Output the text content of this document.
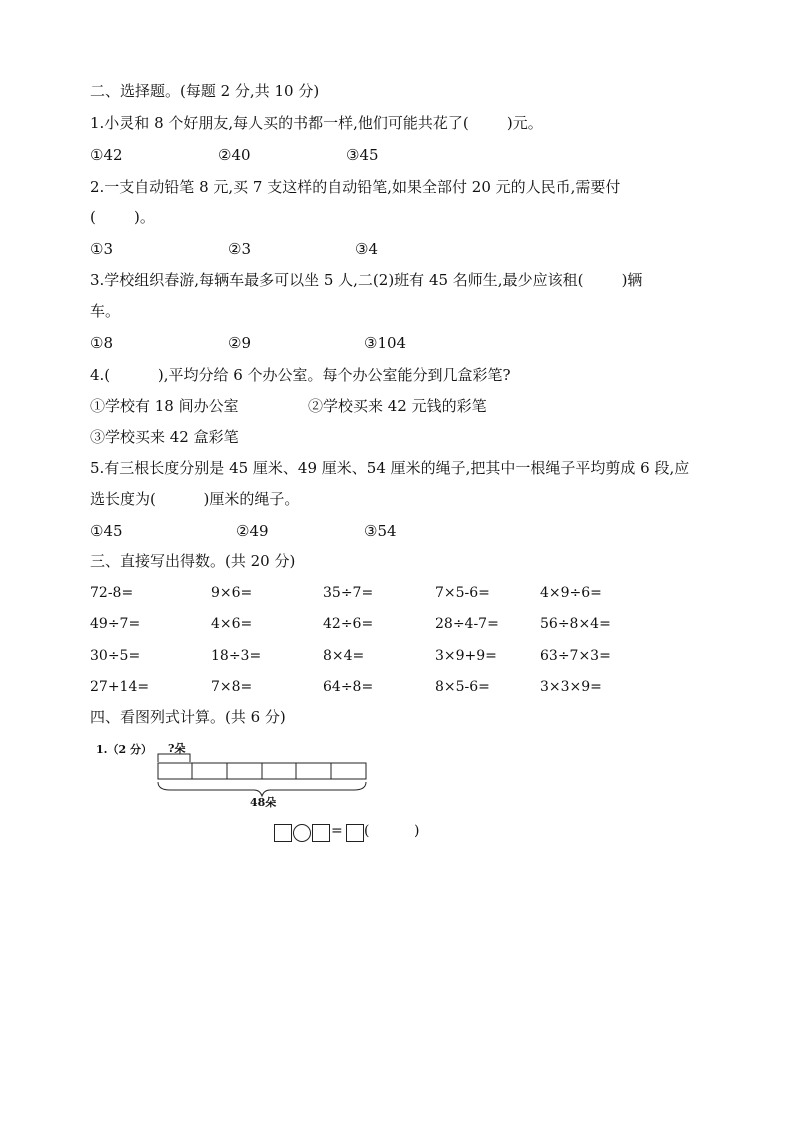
二、选择题。(每题 2 分,共 10 分)
1.小灵和 8 个好朋友,每人买的书都一样,他们可能共花了(        )元。
①42	②40	③45
2.一支自动铅笔 8 元,买 7 支这样的自动铅笔,如果全部付 20 元的人民币,需要付
(        )。
①3	②3	③4
3.学校组织春游,每辆车最多可以坐 5 人,二(2)班有 45 名师生,最少应该租(        )辆
车。
①8	②9	③104
4.(          ),平均分给 6 个办公室。每个办公室能分到几盒彩笔?
①学校有 18 间办公室	②学校买来 42 元钱的彩笔
③学校买来 42 盒彩笔
5.有三根长度分别是 45 厘米、49 厘米、54 厘米的绳子,把其中一根绳子平均剪成 6 段,应
选长度为(          )厘米的绳子。
①45	②49	③54
三、直接写出得数。(共 20 分)
72-8=	9×6=	35÷7=	7×5-6=	4×9÷6=
49÷7=	4×6=	42÷6=	28÷4-7=	56÷8×4=
30÷5=	18÷3=	8×4=	3×9+9=	63÷7×3=
27+14=	7×8=	64÷8=	8×5-6=	3×3×9=
四、看图列式计算。(共 6 分)
1.（2 分） ?朵
48朵
= (          )
